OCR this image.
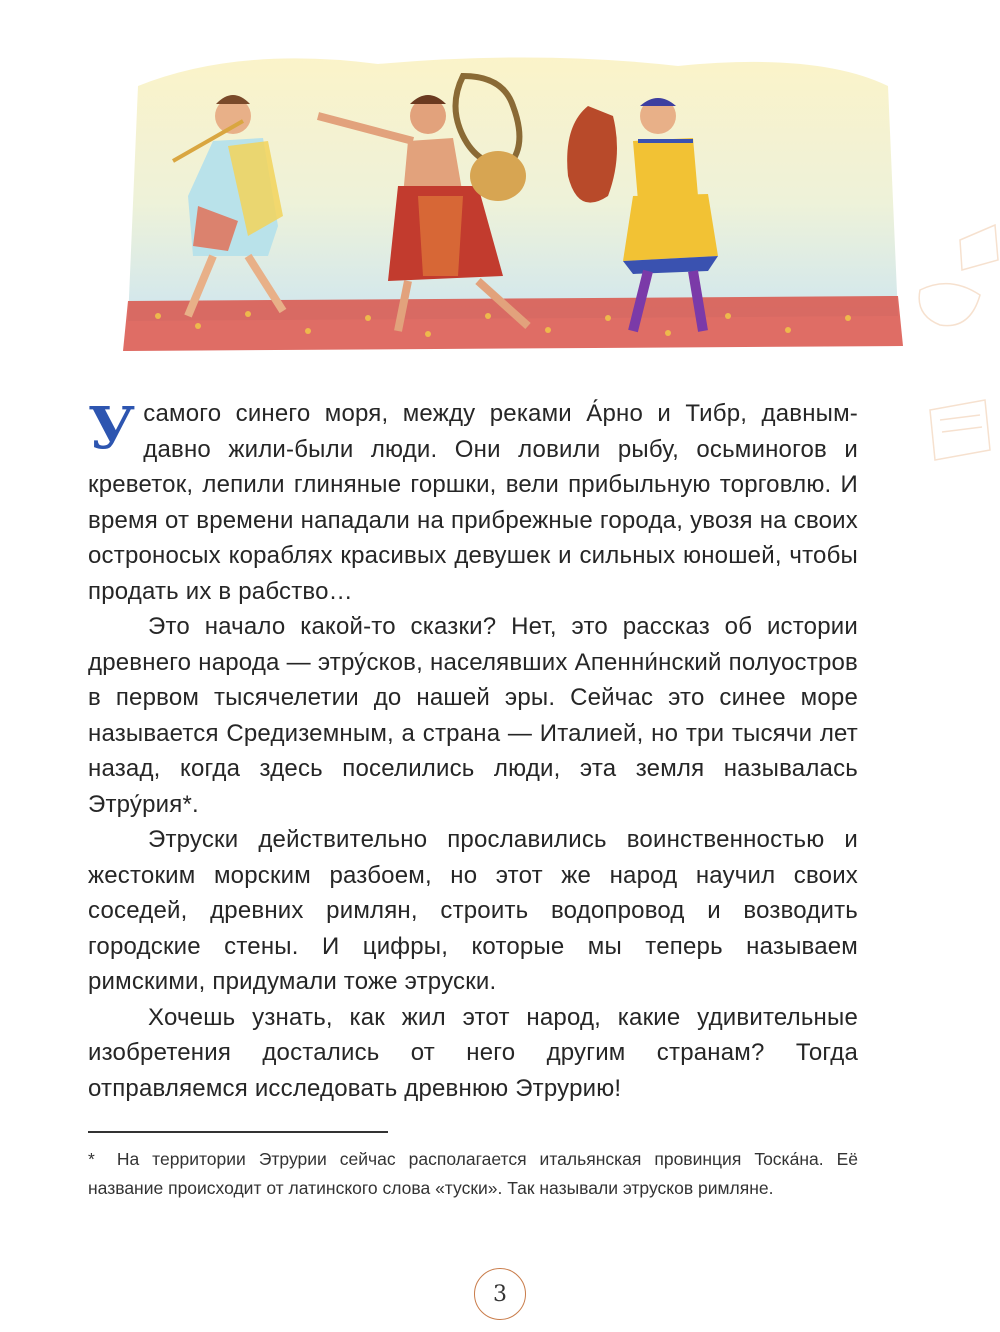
У самого синего моря, между реками А́рно и Тибр, давным-давно жили-были люди. Они ловили рыбу, осьминогов и креветок, лепили глиняные горшки, вели прибыльную торговлю. И время от времени нападали на прибрежные города, увозя на своих остроносых кораблях красивых девушек и сильных юношей, чтобы продать их в рабство…

Это начало какой-то сказки? Нет, это рассказ об истории древнего народа — этру́сков, населявших Апенни́нский полуостров в первом тысячелетии до нашей эры. Сейчас это синее море называется Средиземным, а страна — Италией, но три тысячи лет назад, когда здесь поселились люди, эта земля называлась Этру́рия*.

Этруски действительно прославились воинственностью и жестоким морским разбоем, но этот же народ научил своих соседей, древних римлян, строить водопровод и возводить городские стены. И цифры, которые мы теперь называем римскими, придумали тоже этруски.

Хочешь узнать, как жил этот народ, какие удивительные изобретения достались от него другим странам? Тогда отправляемся исследовать древнюю Этрурию!

* На территории Этрурии сейчас располагается итальянская провинция Toска́на. Её название происходит от латинского слова «туски». Так называли этрусков римляне.
3
